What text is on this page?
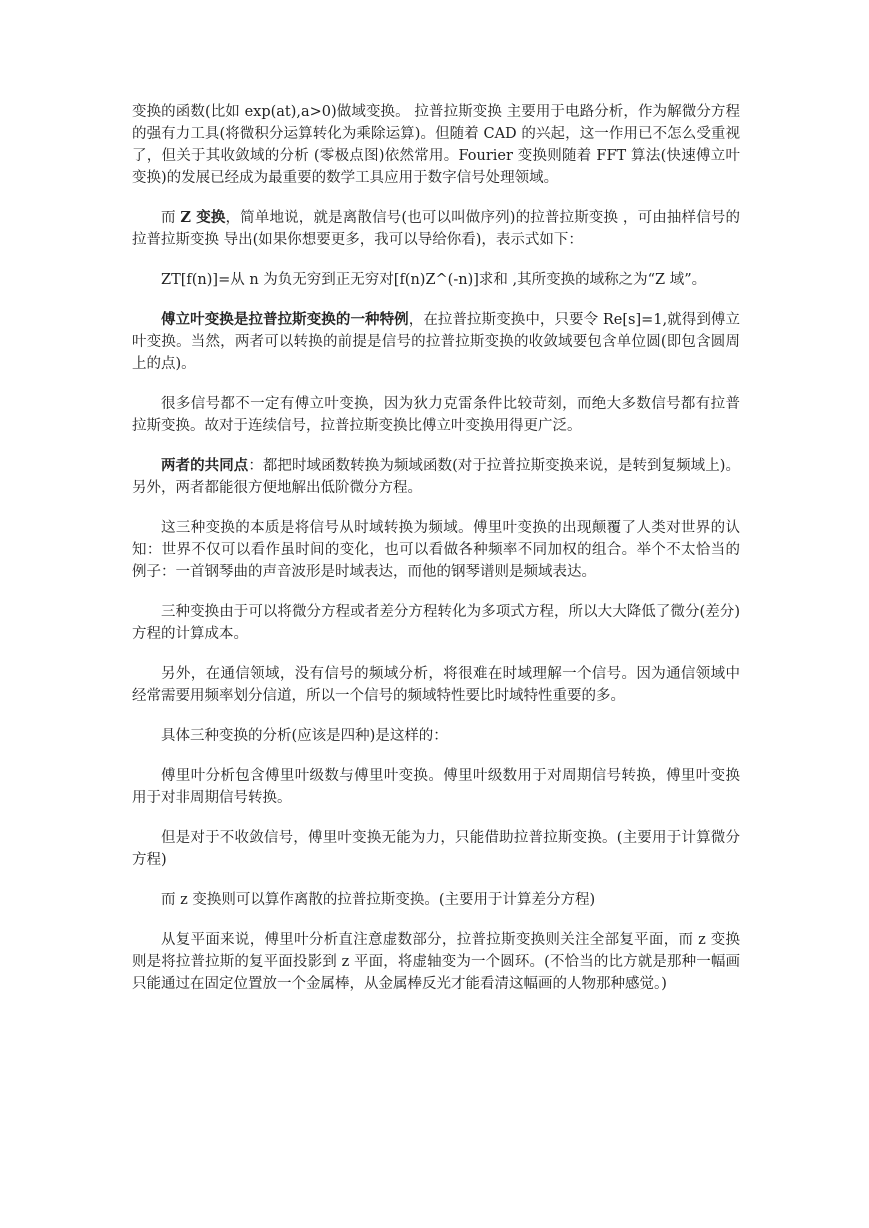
变换的函数(比如 exp(at),a>0)做域变换。 拉普拉斯变换 主要用于电路分析，作为解微分方程的强有力工具(将微积分运算转化为乘除运算)。但随着 CAD 的兴起，这一作用已不怎么受重视了，但关于其收敛域的分析 (零极点图)依然常用。Fourier 变换则随着 FFT 算法(快速傅立叶变换)的发展已经成为最重要的数学工具应用于数字信号处理领域。

而 Z 变换，简单地说，就是离散信号(也可以叫做序列)的拉普拉斯变换 ，可由抽样信号的拉普拉斯变换 导出(如果你想要更多，我可以导给你看)，表示式如下：

ZT[f(n)]=从 n 为负无穷到正无穷对[f(n)Z^(-n)]求和 ,其所变换的域称之为“Z 域”。

傅立叶变换是拉普拉斯变换的一种特例，在拉普拉斯变换中，只要令 Re[s]=1,就得到傅立叶变换。当然，两者可以转换的前提是信号的拉普拉斯变换的收敛域要包含单位圆(即包含圆周上的点)。

很多信号都不一定有傅立叶变换，因为狄力克雷条件比较苛刻，而绝大多数信号都有拉普拉斯变换。故对于连续信号，拉普拉斯变换比傅立叶变换用得更广泛。

两者的共同点：都把时域函数转换为频域函数(对于拉普拉斯变换来说，是转到复频域上)。另外，两者都能很方便地解出低阶微分方程。

这三种变换的本质是将信号从时域转换为频域。傅里叶变换的出现颠覆了人类对世界的认知：世界不仅可以看作虽时间的变化，也可以看做各种频率不同加权的组合。举个不太恰当的例子：一首钢琴曲的声音波形是时域表达，而他的钢琴谱则是频域表达。

三种变换由于可以将微分方程或者差分方程转化为多项式方程，所以大大降低了微分(差分)方程的计算成本。

另外，在通信领域，没有信号的频域分析，将很难在时域理解一个信号。因为通信领域中经常需要用频率划分信道，所以一个信号的频域特性要比时域特性重要的多。

具体三种变换的分析(应该是四种)是这样的：

傅里叶分析包含傅里叶级数与傅里叶变换。傅里叶级数用于对周期信号转换，傅里叶变换用于对非周期信号转换。

但是对于不收敛信号，傅里叶变换无能为力，只能借助拉普拉斯变换。(主要用于计算微分方程)

而 z 变换则可以算作离散的拉普拉斯变换。(主要用于计算差分方程)

从复平面来说，傅里叶分析直注意虚数部分，拉普拉斯变换则关注全部复平面，而 z 变换则是将拉普拉斯的复平面投影到 z 平面，将虚轴变为一个圆环。(不恰当的比方就是那种一幅画只能通过在固定位置放一个金属棒，从金属棒反光才能看清这幅画的人物那种感觉。)
